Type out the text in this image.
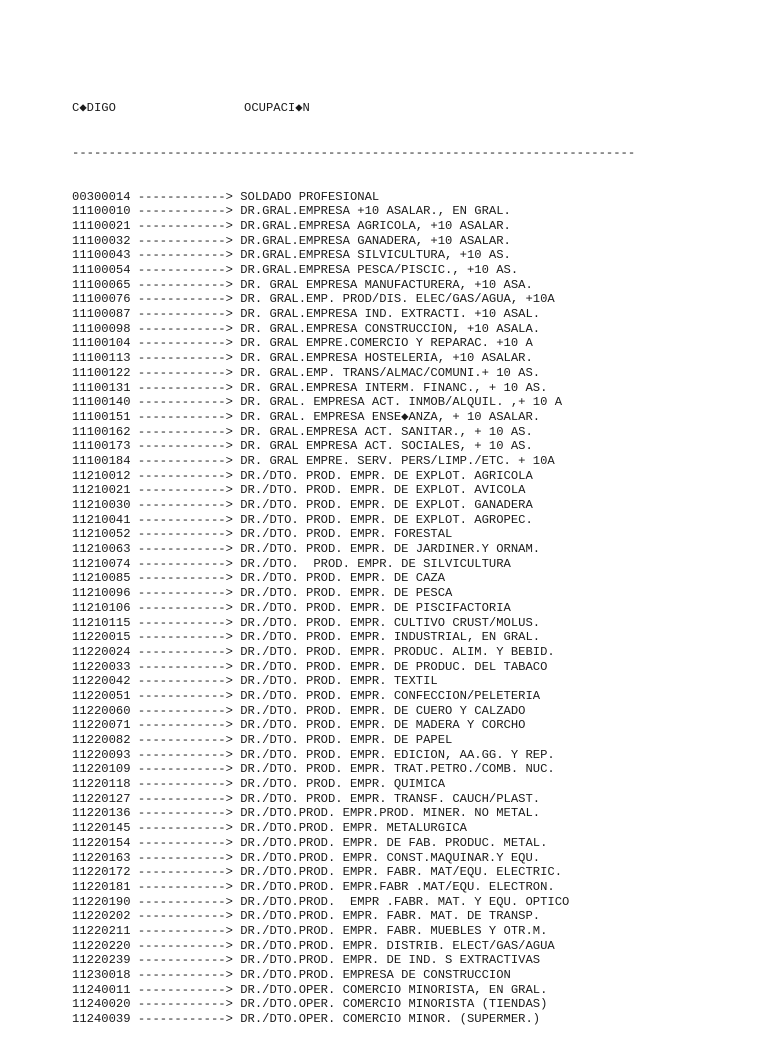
C◆DIGO	OCUPACI◆N

-----------------------------------------------------------------------------

00300014 ------------> SOLDADO PROFESIONAL
11100010 ------------> DR.GRAL.EMPRESA +10 ASALAR., EN GRAL.
11100021 ------------> DR.GRAL.EMPRESA AGRICOLA, +10 ASALAR.
11100032 ------------> DR.GRAL.EMPRESA GANADERA, +10 ASALAR.
11100043 ------------> DR.GRAL.EMPRESA SILVICULTURA, +10 AS.
11100054 ------------> DR.GRAL.EMPRESA PESCA/PISCIC., +10 AS.
11100065 ------------> DR. GRAL EMPRESA MANUFACTURERA, +10 ASA.
11100076 ------------> DR. GRAL.EMP. PROD/DIS. ELEC/GAS/AGUA, +10A
11100087 ------------> DR. GRAL.EMPRESA IND. EXTRACTI. +10 ASAL.
11100098 ------------> DR. GRAL.EMPRESA CONSTRUCCION, +10 ASALA.
11100104 ------------> DR. GRAL EMPRE.COMERCIO Y REPARAC. +10 A
11100113 ------------> DR. GRAL.EMPRESA HOSTELERIA, +10 ASALAR.
11100122 ------------> DR. GRAL.EMP. TRANS/ALMAC/COMUNI.+ 10 AS.
11100131 ------------> DR. GRAL.EMPRESA INTERM. FINANC., + 10 AS.
11100140 ------------> DR. GRAL. EMPRESA ACT. INMOB/ALQUIL. ,+ 10 A
11100151 ------------> DR. GRAL. EMPRESA ENSE◆ANZA, + 10 ASALAR.
11100162 ------------> DR. GRAL.EMPRESA ACT. SANITAR., + 10 AS.
11100173 ------------> DR. GRAL EMPRESA ACT. SOCIALES, + 10 AS.
11100184 ------------> DR. GRAL EMPRE. SERV. PERS/LIMP./ETC. + 10A
11210012 ------------> DR./DTO. PROD. EMPR. DE EXPLOT. AGRICOLA
11210021 ------------> DR./DTO. PROD. EMPR. DE EXPLOT. AVICOLA
11210030 ------------> DR./DTO. PROD. EMPR. DE EXPLOT. GANADERA
11210041 ------------> DR./DTO. PROD. EMPR. DE EXPLOT. AGROPEC.
11210052 ------------> DR./DTO. PROD. EMPR. FORESTAL
11210063 ------------> DR./DTO. PROD. EMPR. DE JARDINER.Y ORNAM.
11210074 ------------> DR./DTO.  PROD. EMPR. DE SILVICULTURA
11210085 ------------> DR./DTO. PROD. EMPR. DE CAZA
11210096 ------------> DR./DTO. PROD. EMPR. DE PESCA
11210106 ------------> DR./DTO. PROD. EMPR. DE PISCIFACTORIA
11210115 ------------> DR./DTO. PROD. EMPR. CULTIVO CRUST/MOLUS.
11220015 ------------> DR./DTO. PROD. EMPR. INDUSTRIAL, EN GRAL.
11220024 ------------> DR./DTO. PROD. EMPR. PRODUC. ALIM. Y BEBID.
11220033 ------------> DR./DTO. PROD. EMPR. DE PRODUC. DEL TABACO
11220042 ------------> DR./DTO. PROD. EMPR. TEXTIL
11220051 ------------> DR./DTO. PROD. EMPR. CONFECCION/PELETERIA
11220060 ------------> DR./DTO. PROD. EMPR. DE CUERO Y CALZADO
11220071 ------------> DR./DTO. PROD. EMPR. DE MADERA Y CORCHO
11220082 ------------> DR./DTO. PROD. EMPR. DE PAPEL
11220093 ------------> DR./DTO. PROD. EMPR. EDICION, AA.GG. Y REP.
11220109 ------------> DR./DTO. PROD. EMPR. TRAT.PETRO./COMB. NUC.
11220118 ------------> DR./DTO. PROD. EMPR. QUIMICA
11220127 ------------> DR./DTO. PROD. EMPR. TRANSF. CAUCH/PLAST.
11220136 ------------> DR./DTO.PROD. EMPR.PROD. MINER. NO METAL.
11220145 ------------> DR./DTO.PROD. EMPR. METALURGICA
11220154 ------------> DR./DTO.PROD. EMPR. DE FAB. PRODUC. METAL.
11220163 ------------> DR./DTO.PROD. EMPR. CONST.MAQUINAR.Y EQU.
11220172 ------------> DR./DTO.PROD. EMPR. FABR. MAT/EQU. ELECTRIC.
11220181 ------------> DR./DTO.PROD. EMPR.FABR .MAT/EQU. ELECTRON.
11220190 ------------> DR./DTO.PROD.  EMPR .FABR. MAT. Y EQU. OPTICO
11220202 ------------> DR./DTO.PROD. EMPR. FABR. MAT. DE TRANSP.
11220211 ------------> DR./DTO.PROD. EMPR. FABR. MUEBLES Y OTR.M.
11220220 ------------> DR./DTO.PROD. EMPR. DISTRIB. ELECT/GAS/AGUA
11220239 ------------> DR./DTO.PROD. EMPR. DE IND. S EXTRACTIVAS
11230018 ------------> DR./DTO.PROD. EMPRESA DE CONSTRUCCION
11240011 ------------> DR./DTO.OPER. COMERCIO MINORISTA, EN GRAL.
11240020 ------------> DR./DTO.OPER. COMERCIO MINORISTA (TIENDAS)
11240039 ------------> DR./DTO.OPER. COMERCIO MINOR. (SUPERMER.)
